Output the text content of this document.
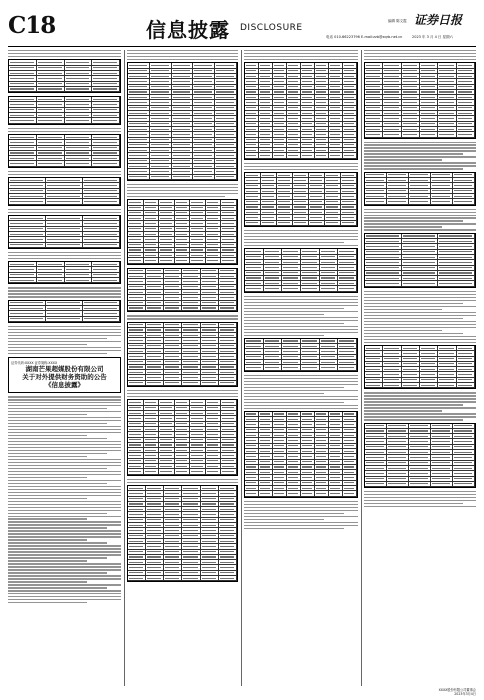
C18	信息披露 DISCLOSURE
编辑 陈文霞
电话 010-66223796 E-mail:zzb@zqrb.net.cn
证券日报
2023 年 3 月 4 日 星期六
证券代码:XXXX 证券简称:XXXX
湖南芒果超媒股份有限公司
关于对外提供财务资助的公告
《信息披露》
XXXX股份有限公司董事会
2023年3月4日
